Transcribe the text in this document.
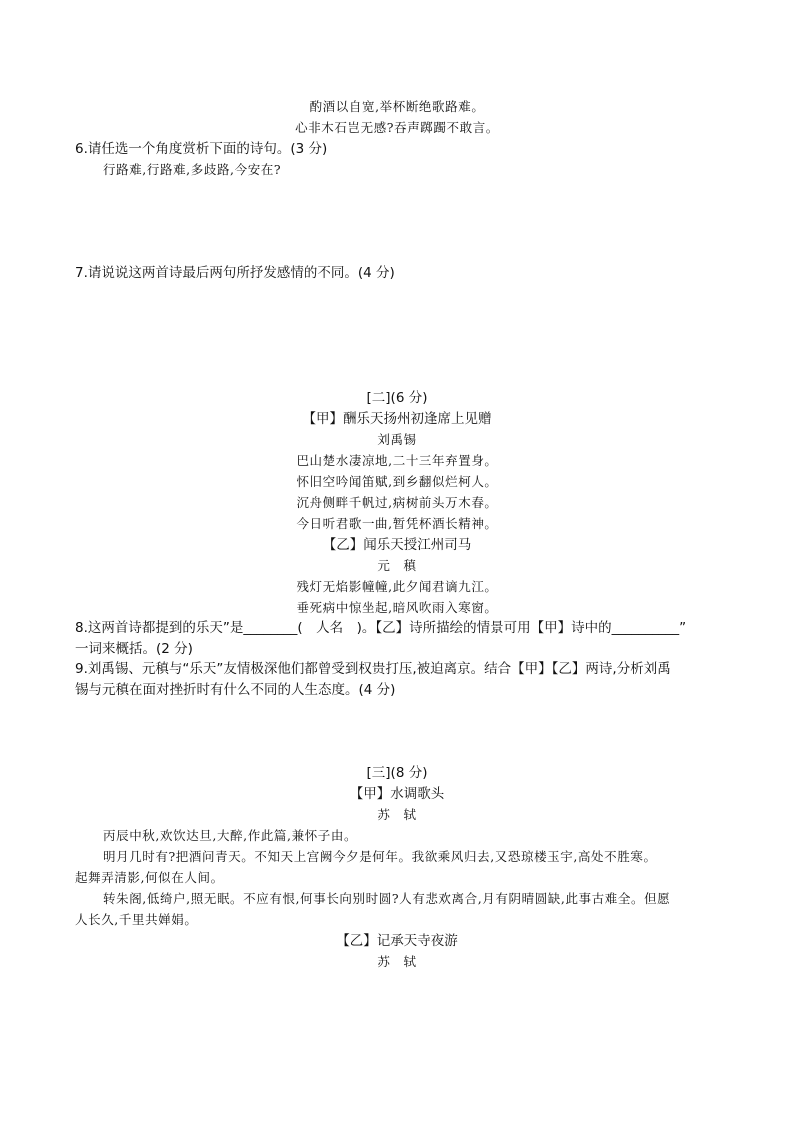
酌酒以自宽,举杯断绝歌路难。
心非木石岂无感?吞声踯躅不敢言。
6.请任选一个角度赏析下面的诗句。(3 分)
行路难,行路难,多歧路,今安在?
7.请说说这两首诗最后两句所抒发感情的不同。(4 分)
[二](6 分)
【甲】酬乐天扬州初逢席上见赠
刘禹锡
巴山楚水凄凉地,二十三年弃置身。
怀旧空吟闻笛赋,到乡翻似烂柯人。
沉舟侧畔千帆过,病树前头万木春。
今日听君歌一曲,暂凭杯酒长精神。
【乙】闻乐天授江州司马
元　稹
残灯无焰影幢幢,此夕闻君谪九江。
垂死病中惊坐起,暗风吹雨入寒窗。
8.这两首诗都提到的乐天”是________(　人名　)。【乙】诗所描绘的情景可用【甲】诗中的__________”
一词来概括。(2 分)
9.刘禹锡、元稹与“乐天”友情极深他们都曾受到权贵打压,被迫离京。结合【甲】【乙】两诗,分析刘禹
锡与元稹在面对挫折时有什么不同的人生态度。(4 分)
[三](8 分)
【甲】水调歌头
苏　轼
丙辰中秋,欢饮达旦,大醉,作此篇,兼怀子由。
明月几时有?把酒问青天。不知天上宫阙今夕是何年。我欲乘风归去,又恐琼楼玉宇,高处不胜寒。
起舞弄清影,何似在人间。
转朱阁,低绮户,照无眠。不应有恨,何事长向别时圆?人有悲欢离合,月有阴晴圆缺,此事古难全。但愿
人长久,千里共婵娟。
【乙】记承天寺夜游
苏　轼
